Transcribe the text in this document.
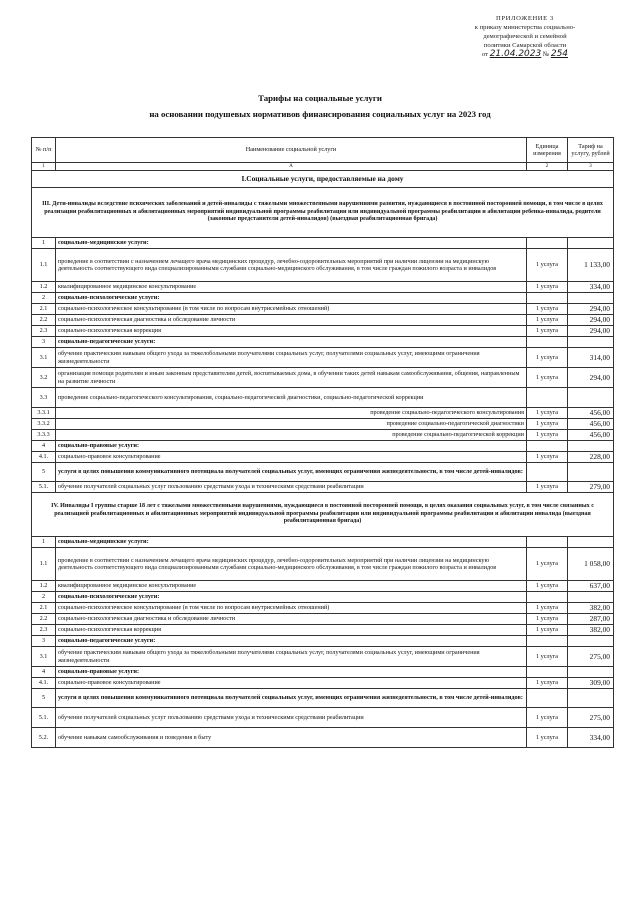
ПРИЛОЖЕНИЕ 3
к приказу министерства социально-
демографической и семейной
политики Самарской области
от 21.04.2023 № 254
Тарифы на социальные услуги
на основании подушевых нормативов финансирования социальных услуг на 2023 год
№ п/п	Наименование социальной услуги	Единица измерения	Тариф на услугу, рублей
1	А	2	3
I.Социальные услуги, предоставляемые на дому			
III. Дети-инвалиды вследствие психических заболеваний и детей-инвалиды с тяжелыми множественными нарушениями развития, нуждающиеся в постоянной посторонней помощи, в том числе в целях реализации реабилитационных и абилитационных мероприятий индивидуальной программы реабилитации или индивидуальной программы реабилитации и абилитации ребенка-инвалида, родители (законные представители детей-инвалидов) (выездная реабилитационная бригада)			
1	социально-медицинские услуги:		
1.1	проведение в соответствии с назначением лечащего врача медицинских процедур, лечебно-оздоровительных мероприятий при наличии лицензии на медицинскую деятельность соответствующего вида специализированными службами социально-медицинского обслуживания, в том числе граждан пожилого возраста и инвалидов	1 услуга	1 133,00
1.2	квалифицированное медицинское консультирование	1 услуга	334,00
2	социально-психологические услуги:		
2.1	социально-психологическое консультирование (в том числе по вопросам внутрисемейных отношений)	1 услуга	294,00
2.2	социально-психологическая диагностика и обследование личности	1 услуга	294,00
2.3	социально-психологическая коррекция	1 услуга	294,00
3	социально-педагогические услуги:		
3.1	обучение практическим навыкам общего ухода за тяжелобольными получателями социальных услуг, получателями социальных услуг, имеющими ограничения жизнедеятельности	1 услуга	314,00
3.2	организация помощи родителям и иным законным представителям детей, воспитываемых дома, в обучении таких детей навыкам самообслуживания, общения, направленным на развитие личности	1 услуга	294,00
3.3	проведение социально-педагогического консультирования, социально-педагогической диагностики, социально-педагогической коррекции		
3.3.1	проведение социально-педагогического консультирования	1 услуга	456,00
3.3.2	проведение социально-педагогической диагностики	1 услуга	456,00
3.3.3	проведение социально-педагогической коррекции	1 услуга	456,00
4	социально-правовые услуги:		
4.1.	социально-правовое консультирование	1 услуга	228,00
5	услуги в целях повышения коммуникативного потенциала получателей социальных услуг, имеющих ограничения жизнедеятельности, в том числе детей-инвалидов:		
5.1.	обучение получателей социальных услуг пользованию средствами ухода и техническими средствами реабилитации	1 услуга	279,00
IV. Инвалиды I группы старше 18 лет с тяжелыми множественными нарушениями, нуждающиеся в постоянной посторонней помощи, в целях оказания социальных услуг, в том числе связанных с реализацией реабилитационных и абилитационных мероприятий индивидуальной программы реабилитации или индивидуальной программы реабилитации и абилитации инвалида (выездная реабилитационная бригада)			
1	социально-медицинские услуги:		
1.1	проведение в соответствии с назначением лечащего врача медицинских процедур, лечебно-оздоровительных мероприятий при наличии лицензии на медицинскую деятельность соответствующего вида специализированными службами социально-медицинского обслуживания, в том числе граждан пожилого возраста и инвалидов	1 услуга	1 058,00
1.2	квалифицированное медицинское консультирование	1 услуга	637,00
2	социально-психологические услуги:		
2.1	социально-психологическое консультирование (в том числе по вопросам внутрисемейных отношений)	1 услуга	382,00
2.2	социально-психологическая диагностика и обследование личности	1 услуга	287,00
2.3	социально-психологическая коррекция	1 услуга	382,00
3	социально-педагогические услуги:		
3.1	обучение практическим навыкам общего ухода за тяжелобольными получателями социальных услуг, получателями социальных услуг, имеющими ограничения жизнедеятельности	1 услуга	275,00
4	социально-правовые услуги:		
4.1.	социально-правовое консультирование	1 услуга	309,00
5	услуги в целях повышения коммуникативного потенциала получателей социальных услуг, имеющих ограничения жизнедеятельности, в том числе детей-инвалидов:		
5.1.	обучение получателей социальных услуг пользованию средствами ухода и техническими средствами реабилитации	1 услуга	275,00
5.2.	обучение навыкам самообслуживания и поведения в быту	1 услуга	334,00
